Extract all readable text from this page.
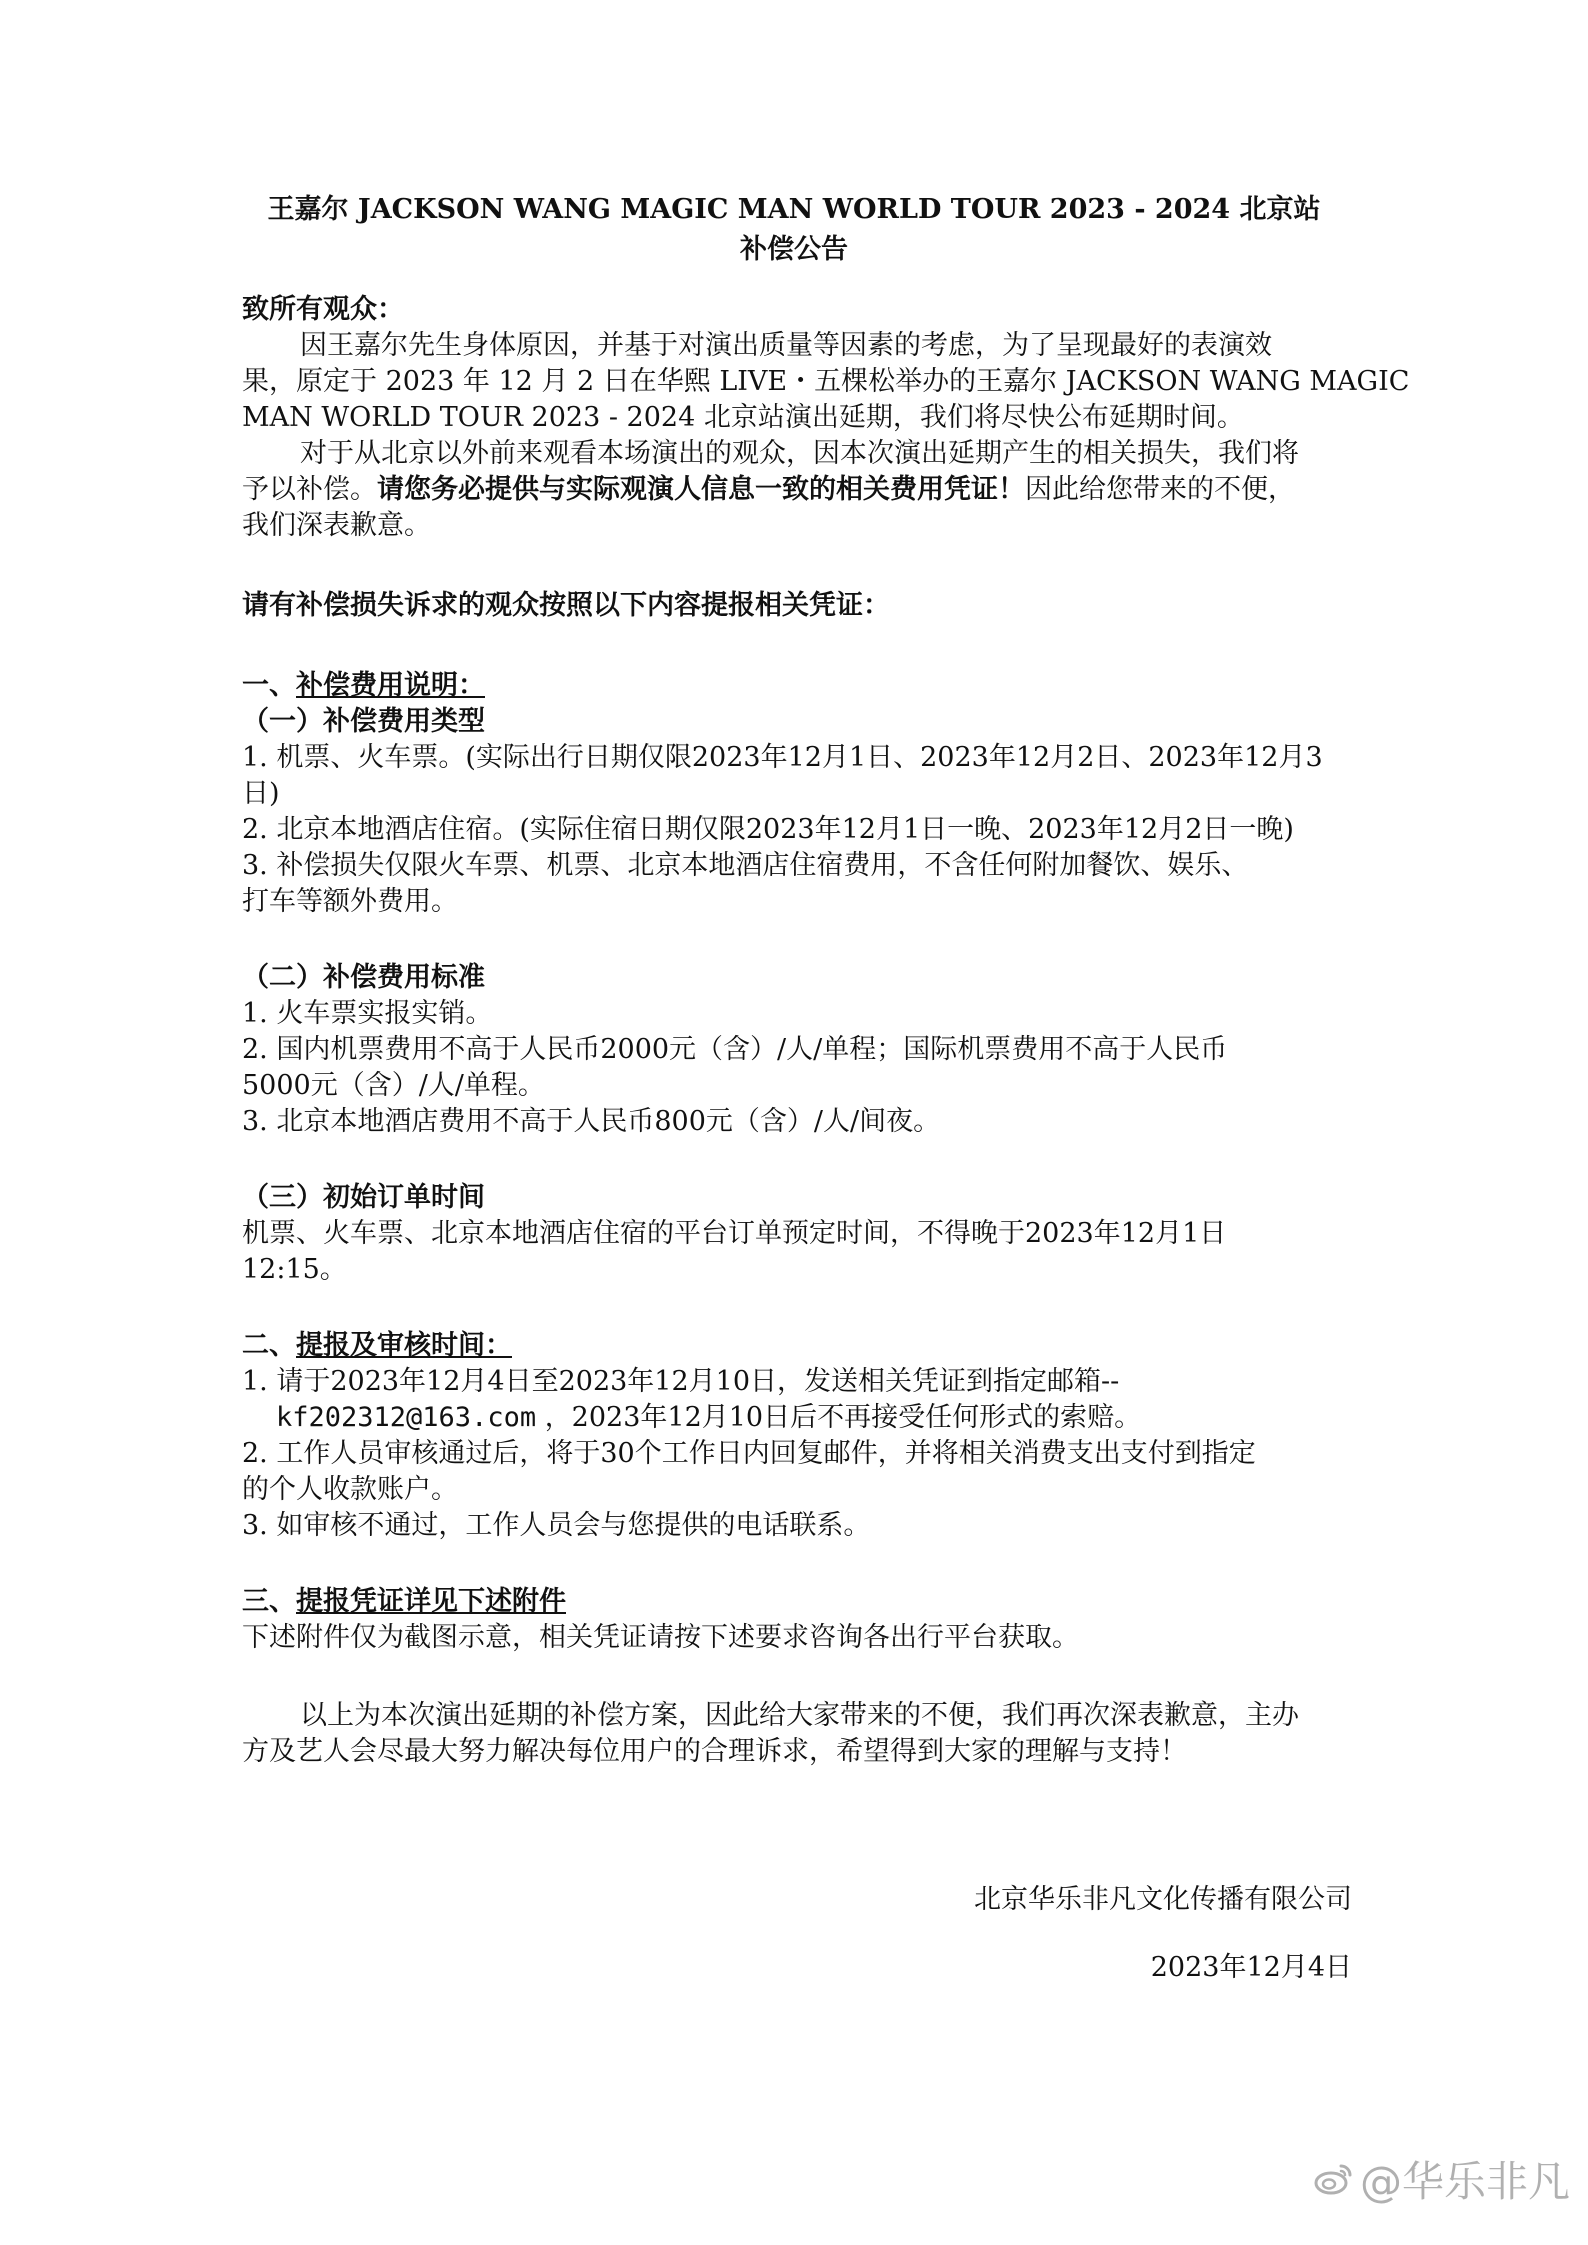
王嘉尔 JACKSON WANG MAGIC MAN WORLD TOUR 2023 - 2024 北京站
补偿公告
致所有观众：
因王嘉尔先生身体原因，并基于对演出质量等因素的考虑，为了呈现最好的表演效
果，原定于 2023 年 12 月 2 日在华熙 LIVE・五棵松举办的王嘉尔 JACKSON WANG MAGIC
MAN WORLD TOUR 2023 - 2024 北京站演出延期，我们将尽快公布延期时间。
对于从北京以外前来观看本场演出的观众，因本次演出延期产生的相关损失，我们将
予以补偿。请您务必提供与实际观演人信息一致的相关费用凭证！因此给您带来的不便，
我们深表歉意。
请有补偿损失诉求的观众按照以下内容提报相关凭证：
一、补偿费用说明：
（一）补偿费用类型
1. 机票、火车票。(实际出行日期仅限2023年12月1日、2023年12月2日、2023年12月3
日)
2. 北京本地酒店住宿。(实际住宿日期仅限2023年12月1日一晚、2023年12月2日一晚)
3. 补偿损失仅限火车票、机票、北京本地酒店住宿费用，不含任何附加餐饮、娱乐、
打车等额外费用。
（二）补偿费用标准
1. 火车票实报实销。
2. 国内机票费用不高于人民币2000元（含）/人/单程；国际机票费用不高于人民币
5000元（含）/人/单程。
3. 北京本地酒店费用不高于人民币800元（含）/人/间夜。
（三）初始订单时间
机票、火车票、北京本地酒店住宿的平台订单预定时间，不得晚于2023年12月1日
12:15。
二、提报及审核时间：
1. 请于2023年12月4日至2023年12月10日，发送相关凭证到指定邮箱--
kf202312@163.com ，2023年12月10日后不再接受任何形式的索赔。
2. 工作人员审核通过后，将于30个工作日内回复邮件，并将相关消费支出支付到指定
的个人收款账户。
3. 如审核不通过，工作人员会与您提供的电话联系。
三、提报凭证详见下述附件
下述附件仅为截图示意，相关凭证请按下述要求咨询各出行平台获取。
以上为本次演出延期的补偿方案，因此给大家带来的不便，我们再次深表歉意，主办
方及艺人会尽最大努力解决每位用户的合理诉求，希望得到大家的理解与支持！
北京华乐非凡文化传播有限公司
2023年12月4日
@华乐非凡
